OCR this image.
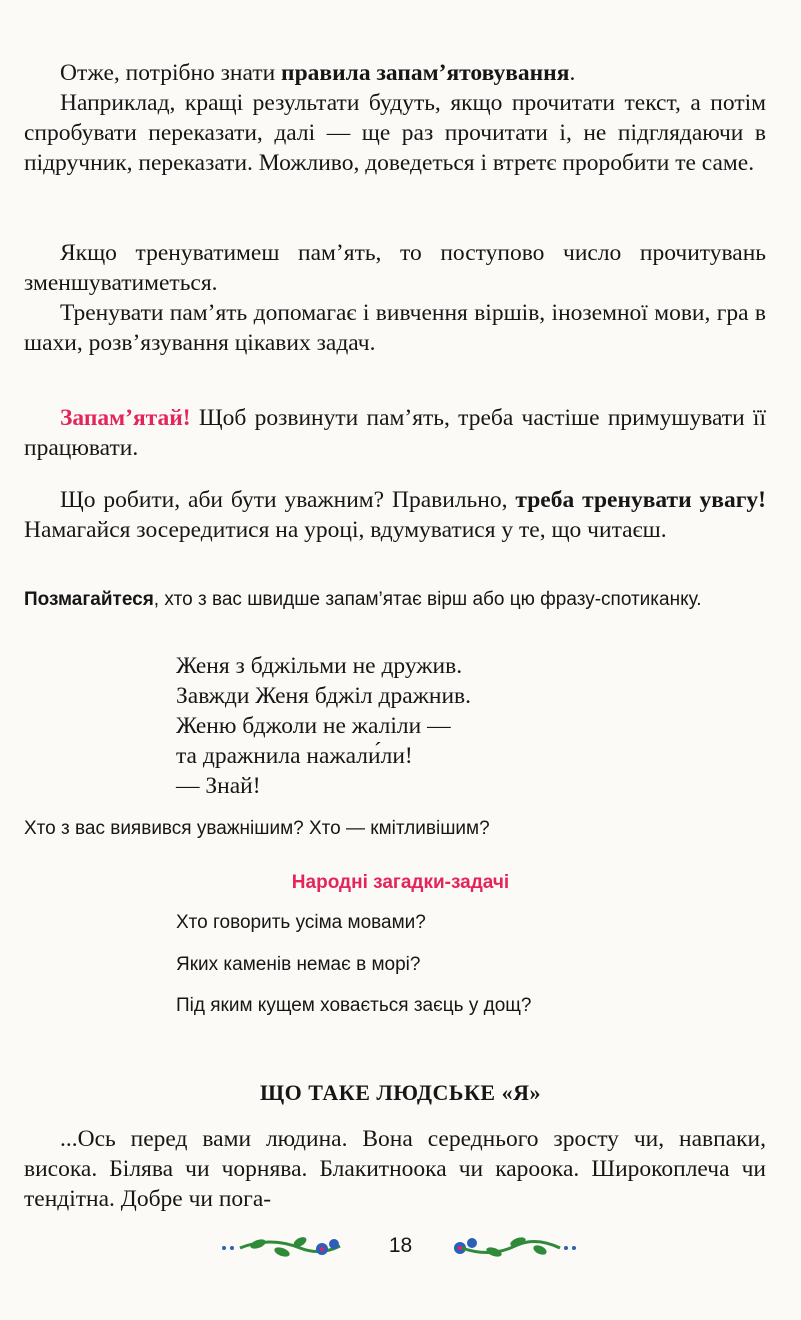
Отже, потрібно знати правила запам’ятовування.

Наприклад, кращі результати будуть, якщо прочитати текст, а потім спробувати переказати, далі — ще раз прочитати і, не підглядаючи в підручник, переказати. Можливо, доведеться і втретє проробити те саме.

Якщо тренуватимеш пам’ять, то поступово число прочитувань зменшуватиметься.

Тренувати пам’ять допомагає і вивчення віршів, іноземної мови, гра в шахи, розв’язування цікавих задач.

Запам’ятай! Щоб розвинути пам’ять, треба частіше примушувати її працювати.

Що робити, аби бути уважним? Правильно, треба тренувати увагу! Намагайся зосередитися на уроці, вдумуватися у те, що читаєш.

Позмагайтеся, хто з вас швидше запам’ятає вірш або цю фразу-спотиканку.

Женя з бджільми не дружив.
Завжди Женя бджіл дражнив.
Женю бджоли не жаліли —
та дражнила нажали́ли!
— Знай!

Хто з вас виявився уважнішим? Хто — кмітливішим?

Народні загадки-задачі
Хто говорить усіма мовами?
Яких каменів немає в морі?
Під яким кущем ховається заєць у дощ?
ЩО ТАКЕ ЛЮДСЬКЕ «Я»

...Ось перед вами людина. Вона середнього зросту чи, навпаки, висока. Білява чи чорнява. Блакитноока чи кароока. Широкоплеча чи тендітна. Добре чи пога-

18
